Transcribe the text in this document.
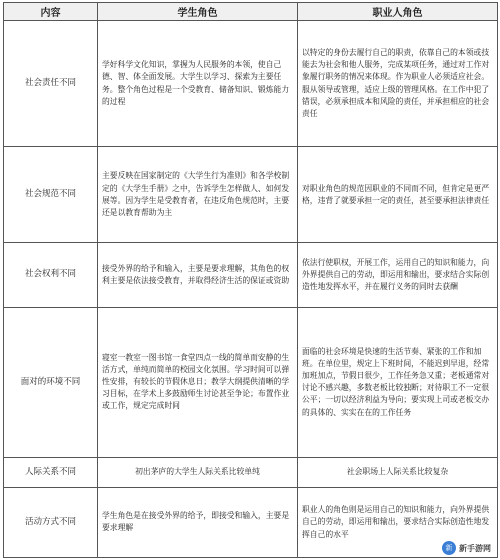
内容	学生角色	职业人角色
社会责任不同	学好科学文化知识，掌握为人民服务的本领，使自己德、智、体全面发展。大学生以学习、探索为主要任务。整个角色过程是一个受教育、储备知识、锻炼能力的过程	以特定的身份去履行自己的职责，依靠自己的本领或技能去为社会和他人服务，完成某项任务，通过对工作对象履行职务的情况来体现。作为职业人必须适应社会。服从领导或管理，适应上级的管理风格。在工作中犯了错误，必须承担成本和风险的责任，并承担相应的社会责任
社会规范不同	主要反映在国家制定的《大学生行为准则》和各学校制定的《大学生手册》之中，告诉学生怎样做人、如何发展等。因为学生是受教育者，在违反角色规范时，主要还是以教育帮助为主	对职业角色的规范因职业的不同而不同，但肯定是更严格，违背了就要承担一定的责任，甚至要承担法律责任
社会权利不同	接受外界的给予和输入，主要是要求理解，其角色的权利主要是依法接受教育，并取得经济生活的保证或资助	依法行使职权，开展工作，运用自己的知识和能力，向外界提供自己的劳动，即运用和输出，要求结合实际创造性地发挥水平，并在履行义务的同时去获酬
面对的环境不同	寝室一教室一图书馆一食堂四点一线的简单而安静的生活方式，单纯而简单的校园文化氛围。学习时间可以弹性安排，有较长的节假休息日；教学大纲提供清晰的学习目标，在学术上多鼓励师生讨论甚至争论；布置作业或工作，规定完成时间	面临的社会环境是快速的生活节奏、紧张的工作和加班。在单位里，规定上下班时间，不能迟到早退，经常加班加点，节假日很少，工作任务急又重；老板通常对讨论不感兴趣，多数老板比较独断；对待职工不一定很公平；一切以经济利益为导向；要实现上司或老板交办的具体的、实实在在的工作任务
人际关系不同	初出茅庐的大学生人际关系比较单纯	社会职场上人际关系比较复杂
活动方式不同	学生角色是在接受外界的给予，即接受和输入，主要是要求理解	职业人的角色则是运用自己的知识和能力，向外界提供自己的劳动，即运用和输出，要求结合实际创造性地发挥自己的水平
新 新手游网
